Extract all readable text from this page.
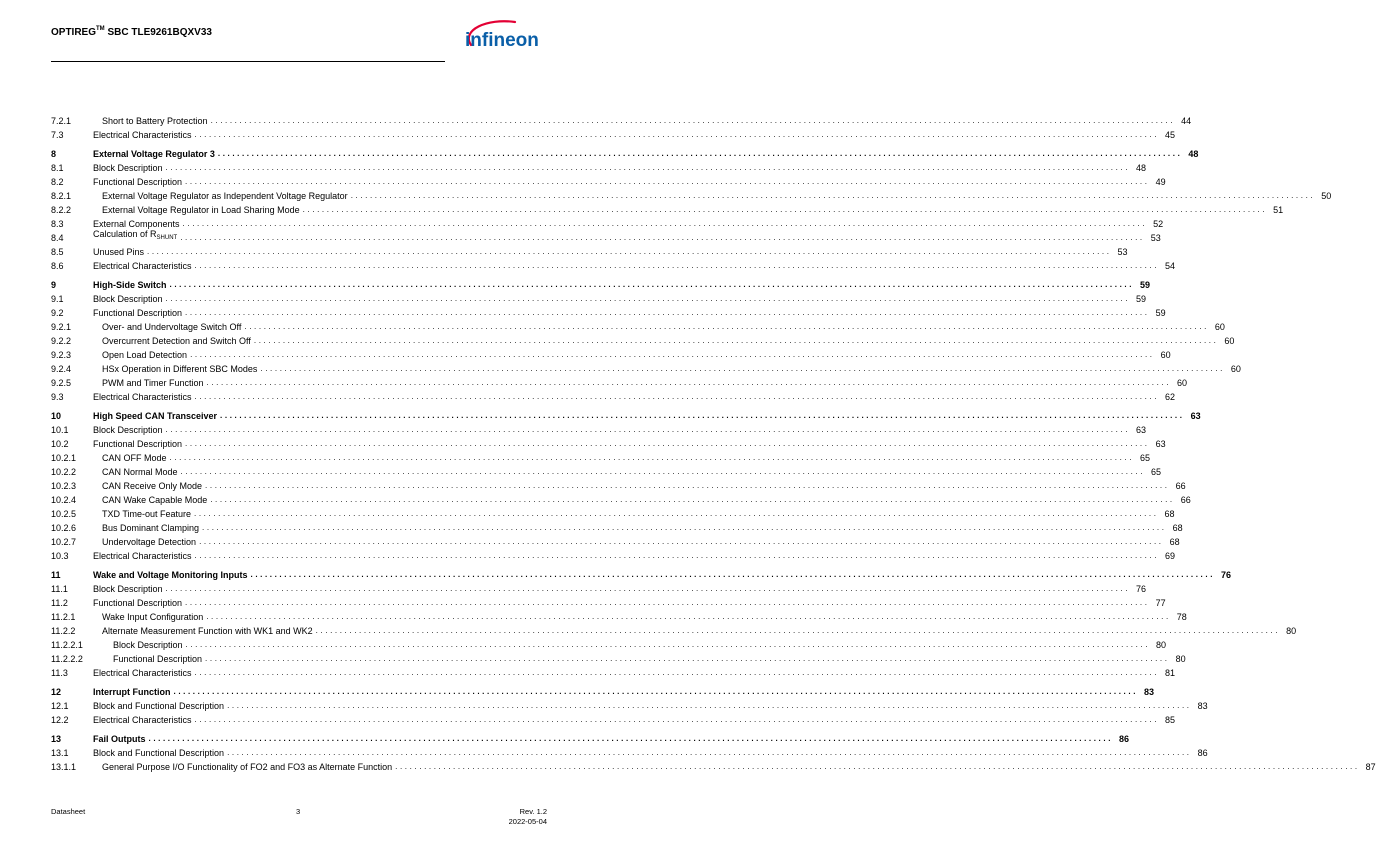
OPTIREG™ SBC TLE9261BQXV33	infineon
7.2.1	Short to Battery Protection ........................................................................................................................................................................................................ 44
7.3	Electrical Characteristics ........................................................................................................................................................................................................ 45
8	External Voltage Regulator 3 ........................................................................................................................................................................................................ 48
8.1	Block Description ........................................................................................................................................................................................................ 48
8.2	Functional Description ........................................................................................................................................................................................................ 49
8.2.1	External Voltage Regulator as Independent Voltage Regulator ........................................................................................................................................................................................................ 50
8.2.2	External Voltage Regulator in Load Sharing Mode ........................................................................................................................................................................................................ 51
8.3	External Components ........................................................................................................................................................................................................ 52
8.4	Calculation of $R_{SHUNT}$ ........................................................................................................................................................................................................ 53
8.5	Unused Pins ........................................................................................................................................................................................................ 53
8.6	Electrical Characteristics ........................................................................................................................................................................................................ 54
9	High-Side Switch ........................................................................................................................................................................................................ 59
9.1	Block Description ........................................................................................................................................................................................................ 59
9.2	Functional Description ........................................................................................................................................................................................................ 59
9.2.1	Over- and Undervoltage Switch Off ........................................................................................................................................................................................................ 60
9.2.2	Overcurrent Detection and Switch Off ........................................................................................................................................................................................................ 60
9.2.3	Open Load Detection ........................................................................................................................................................................................................ 60
9.2.4	HSx Operation in Different SBC Modes ........................................................................................................................................................................................................ 60
9.2.5	PWM and Timer Function ........................................................................................................................................................................................................ 60
9.3	Electrical Characteristics ........................................................................................................................................................................................................ 62
10	High Speed CAN Transceiver ........................................................................................................................................................................................................ 63
10.1	Block Description ........................................................................................................................................................................................................ 63
10.2	Functional Description ........................................................................................................................................................................................................ 63
10.2.1	CAN OFF Mode ........................................................................................................................................................................................................ 65
10.2.2	CAN Normal Mode ........................................................................................................................................................................................................ 65
10.2.3	CAN Receive Only Mode ........................................................................................................................................................................................................ 66
10.2.4	CAN Wake Capable Mode ........................................................................................................................................................................................................ 66
10.2.5	TXD Time-out Feature ........................................................................................................................................................................................................ 68
10.2.6	Bus Dominant Clamping ........................................................................................................................................................................................................ 68
10.2.7	Undervoltage Detection ........................................................................................................................................................................................................ 68
10.3	Electrical Characteristics ........................................................................................................................................................................................................ 69
11	Wake and Voltage Monitoring Inputs ........................................................................................................................................................................................................ 76
11.1	Block Description ........................................................................................................................................................................................................ 76
11.2	Functional Description ........................................................................................................................................................................................................ 77
11.2.1	Wake Input Configuration ........................................................................................................................................................................................................ 78
11.2.2	Alternate Measurement Function with WK1 and WK2 ........................................................................................................................................................................................................ 80
11.2.2.1	Block Description ........................................................................................................................................................................................................ 80
11.2.2.2	Functional Description ........................................................................................................................................................................................................ 80
11.3	Electrical Characteristics ........................................................................................................................................................................................................ 81
12	Interrupt Function ........................................................................................................................................................................................................ 83
12.1	Block and Functional Description ........................................................................................................................................................................................................ 83
12.2	Electrical Characteristics ........................................................................................................................................................................................................ 85
13	Fail Outputs ........................................................................................................................................................................................................ 86
13.1	Block and Functional Description ........................................................................................................................................................................................................ 86
13.1.1	General Purpose I/O Functionality of FO2 and FO3 as Alternate Function ........................................................................................................................................................................................................ 87
Datasheet	3	Rev. 1.2
2022-05-04
